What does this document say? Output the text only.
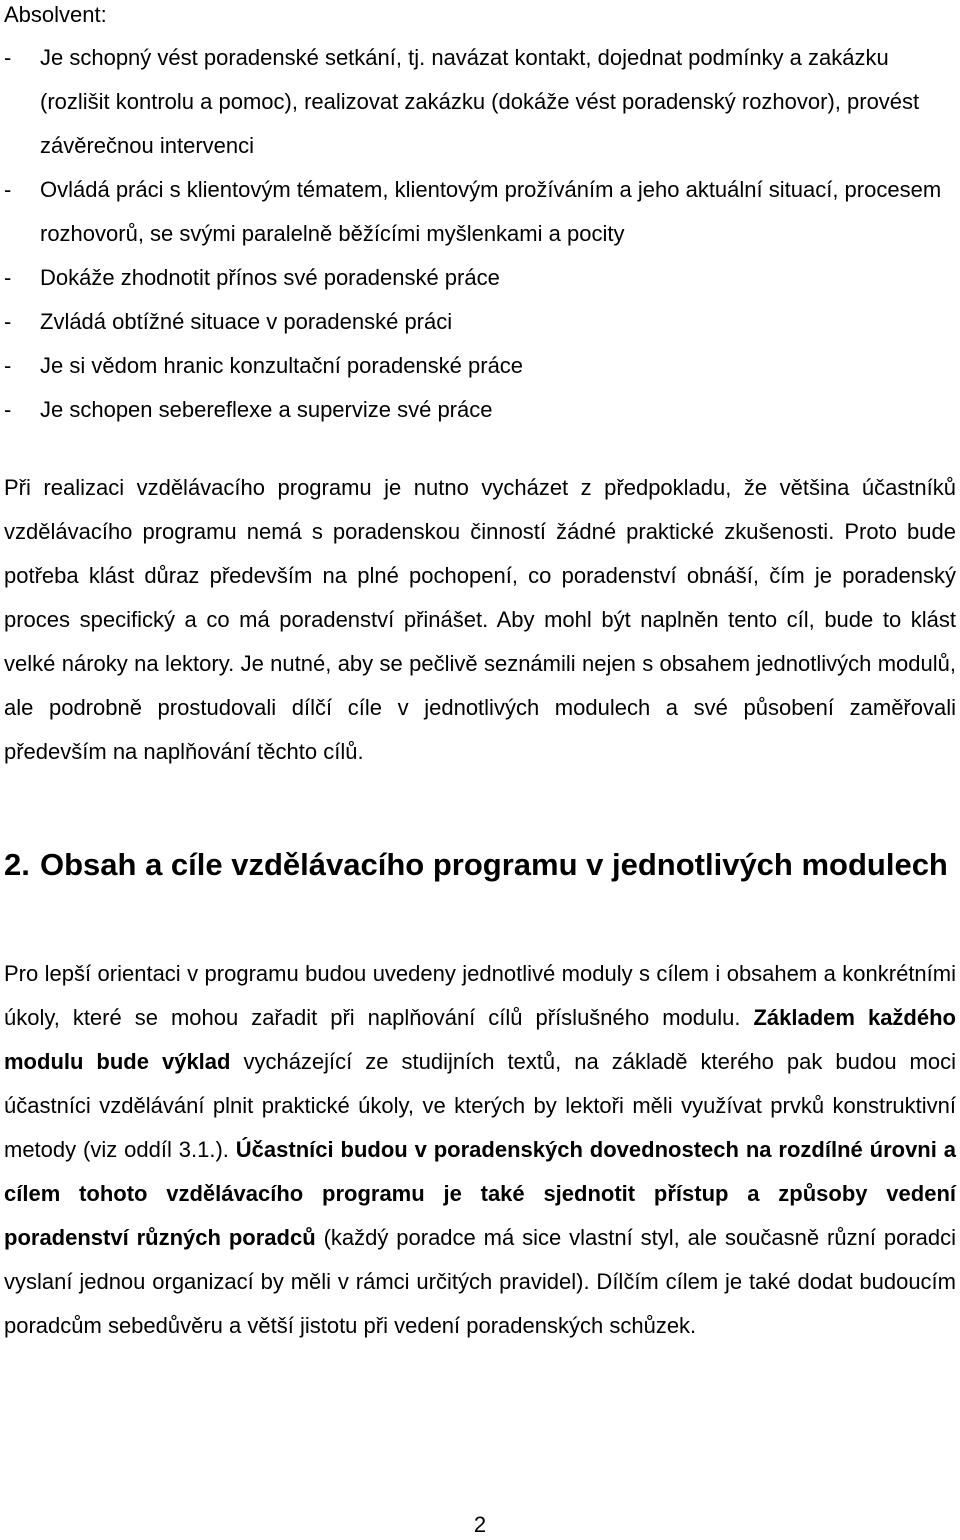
Absolvent:
- Je schopný vést poradenské setkání, tj. navázat kontakt, dojednat podmínky a zakázku (rozlišit kontrolu a pomoc), realizovat zakázku (dokáže vést poradenský rozhovor), provést závěrečnou intervenci
- Ovládá práci s klientovým tématem, klientovým prožíváním a jeho aktuální situací, procesem rozhovorů, se svými paralelně běžícími myšlenkami a pocity
- Dokáže zhodnotit přínos své poradenské práce
- Zvládá obtížné situace v poradenské práci
- Je si vědom hranic konzultační poradenské práce
- Je schopen sebereflexe a supervize své práce

Při realizaci vzdělávacího programu je nutno vycházet z předpokladu, že většina účastníků vzdělávacího programu nemá s poradenskou činností žádné praktické zkušenosti. Proto bude potřeba klást důraz především na plné pochopení, co poradenství obnáší, čím je poradenský proces specifický a co má poradenství přinášet. Aby mohl být naplněn tento cíl, bude to klást velké nároky na lektory. Je nutné, aby se pečlivě seznámili nejen s obsahem jednotlivých modulů, ale podrobně prostudovali dílčí cíle v jednotlivých modulech a své působení zaměřovali především na naplňování těchto cílů.

2. Obsah a cíle vzdělávacího programu v jednotlivých modulech

Pro lepší orientaci v programu budou uvedeny jednotlivé moduly s cílem i obsahem a konkrétními úkoly, které se mohou zařadit při naplňování cílů příslušného modulu. Základem každého modulu bude výklad vycházející ze studijních textů, na základě kterého pak budou moci účastníci vzdělávání plnit praktické úkoly, ve kterých by lektoři měli využívat prvků konstruktivní metody (viz oddíl 3.1.). Účastníci budou v poradenských dovednostech na rozdílné úrovni a cílem tohoto vzdělávacího programu je také sjednotit přístup a způsoby vedení poradenství různých poradců (každý poradce má sice vlastní styl, ale současně různí poradci vyslaní jednou organizací by měli v rámci určitých pravidel). Dílčím cílem je také dodat budoucím poradcům sebedůvěru a větší jistotu při vedení poradenských schůzek.

2
